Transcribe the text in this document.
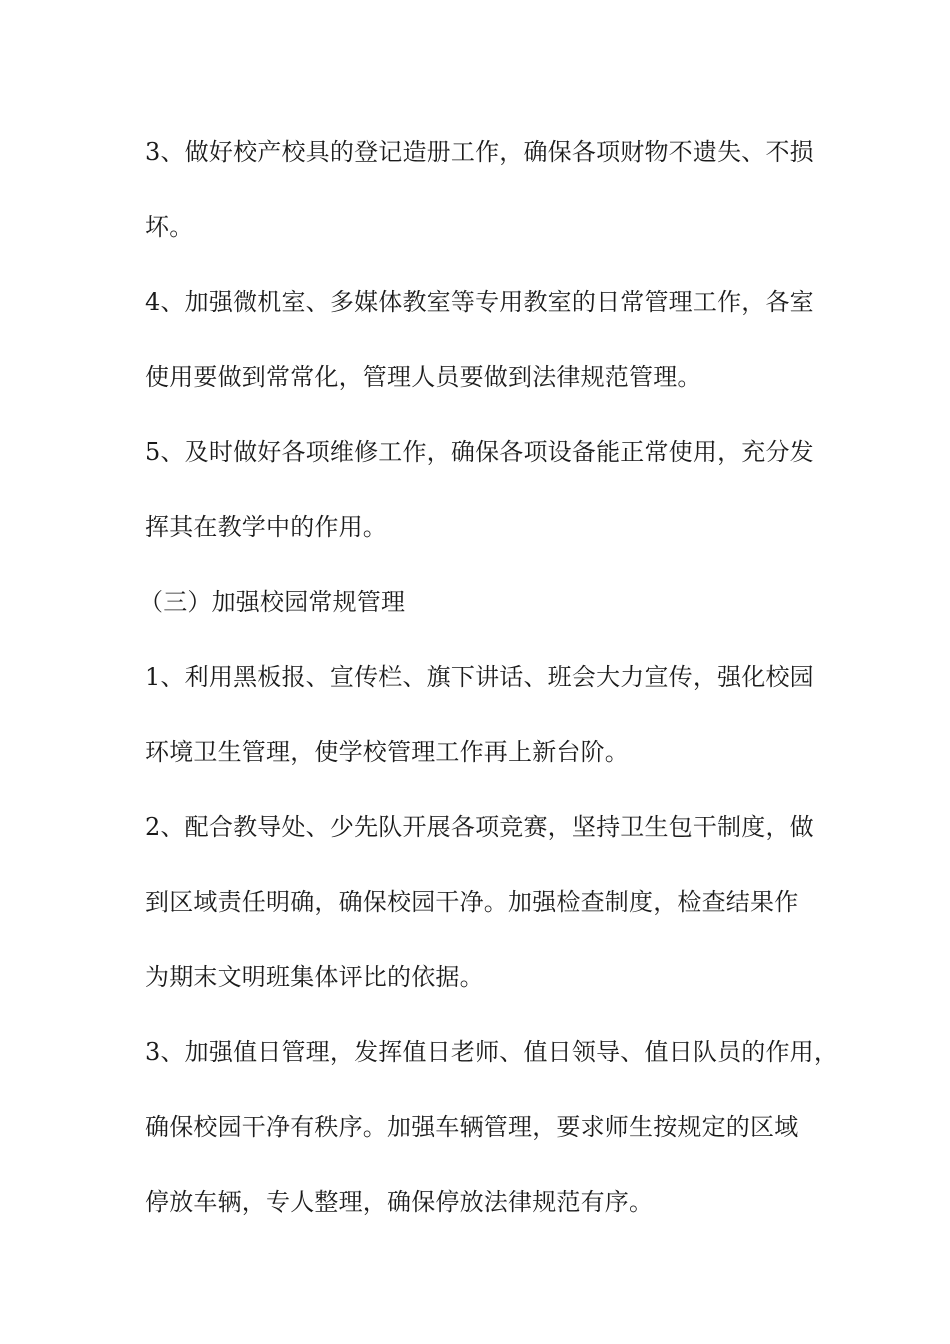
3、做好校产校具的登记造册工作，确保各项财物不遗失、不损
坏。
4、加强微机室、多媒体教室等专用教室的日常管理工作，各室
使用要做到常常化，管理人员要做到法律规范管理。
5、及时做好各项维修工作，确保各项设备能正常使用，充分发
挥其在教学中的作用。
（三）加强校园常规管理
1、利用黑板报、宣传栏、旗下讲话、班会大力宣传，强化校园
环境卫生管理，使学校管理工作再上新台阶。
2、配合教导处、少先队开展各项竞赛，坚持卫生包干制度，做
到区域责任明确，确保校园干净。加强检查制度，检查结果作
为期末文明班集体评比的依据。
3、加强值日管理，发挥值日老师、值日领导、值日队员的作用，
确保校园干净有秩序。加强车辆管理，要求师生按规定的区域
停放车辆，专人整理，确保停放法律规范有序。
